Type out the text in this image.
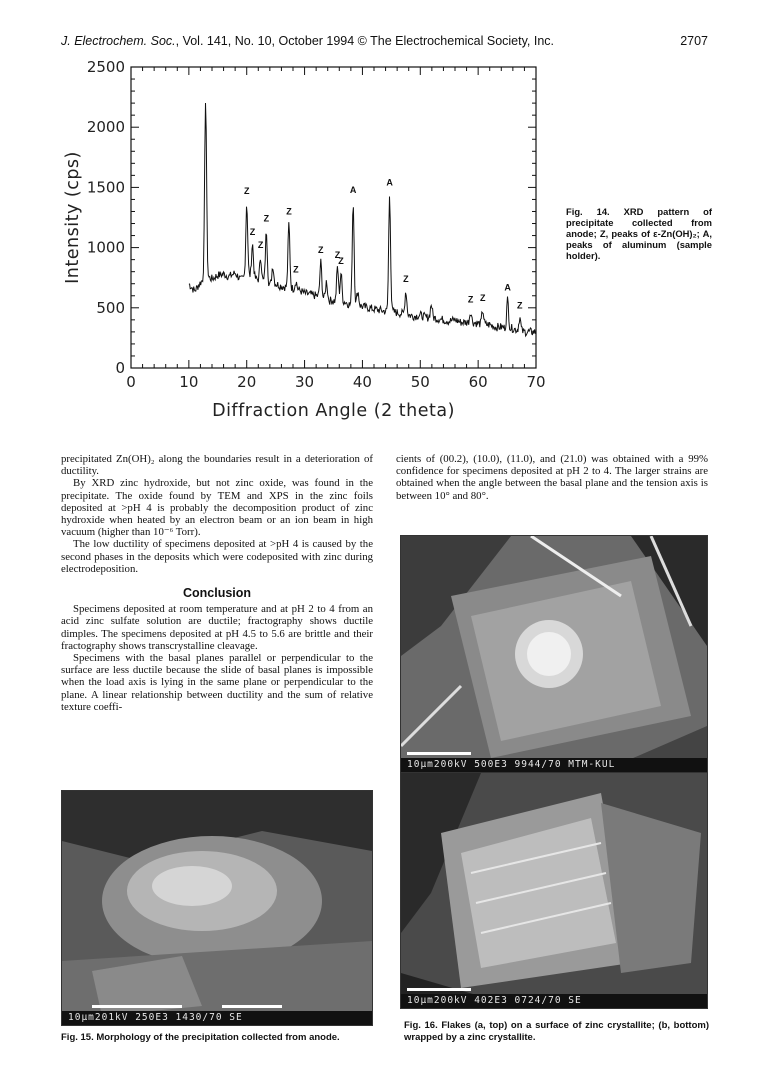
J. Electrochem. Soc., Vol. 141, No. 10, October 1994 © The Electrochemical Society, Inc.	2707
0	10	20	30	40	50	60	70
0
500
1000
1500
2000
2500
Diffraction Angle (2 theta)
Intensity (cps)	Z
Z
Z
Z
Z
Z
Z Z
Z
A
A
Z
Z Z
A
Z
Fig. 14. XRD pattern of precipitate collected from anode; Z, peaks of ε-Zn(OH)₂; A, peaks of aluminum (sample holder).

precipitated Zn(OH)₂ along the boundaries result in a deterioration of ductility.

By XRD zinc hydroxide, but not zinc oxide, was found in the precipitate. The oxide found by TEM and XPS in the zinc foils deposited at >pH 4 is probably the decomposition product of zinc hydroxide when heated by an electron beam or an ion beam in high vacuum (higher than 10⁻⁶ Torr).

The low ductility of specimens deposited at >pH 4 is caused by the second phases in the deposits which were codeposited with zinc during electrodeposition.

Conclusion

Specimens deposited at room temperature and at pH 2 to 4 from an acid zinc sulfate solution are ductile; fractography shows ductile dimples. The specimens deposited at pH 4.5 to 5.6 are brittle and their fractography shows transcrystalline cleavage.

Specimens with the basal planes parallel or perpendicular to the surface are less ductile because the slide of basal planes is impossible when the load axis is lying in the same plane or perpendicular to the plane. A linear relationship between ductility and the sum of relative texture coeffi-

cients of (00.2), (10.0), (11.0), and (21.0) was obtained with a 99% confidence for specimens deposited at pH 2 to 4. The larger strains are obtained when the angle between the basal plane and the tension axis is between 10° and 80°.

10μm200kV 500E3 9944/70 MTM-KUL
10μm200kV 402E3 0724/70 SE
10μm201kV 250E3 1430/70 SE
Fig. 15. Morphology of the precipitation collected from anode.
Fig. 16. Flakes (a, top) on a surface of zinc crystallite; (b, bottom) wrapped by a zinc crystallite.
